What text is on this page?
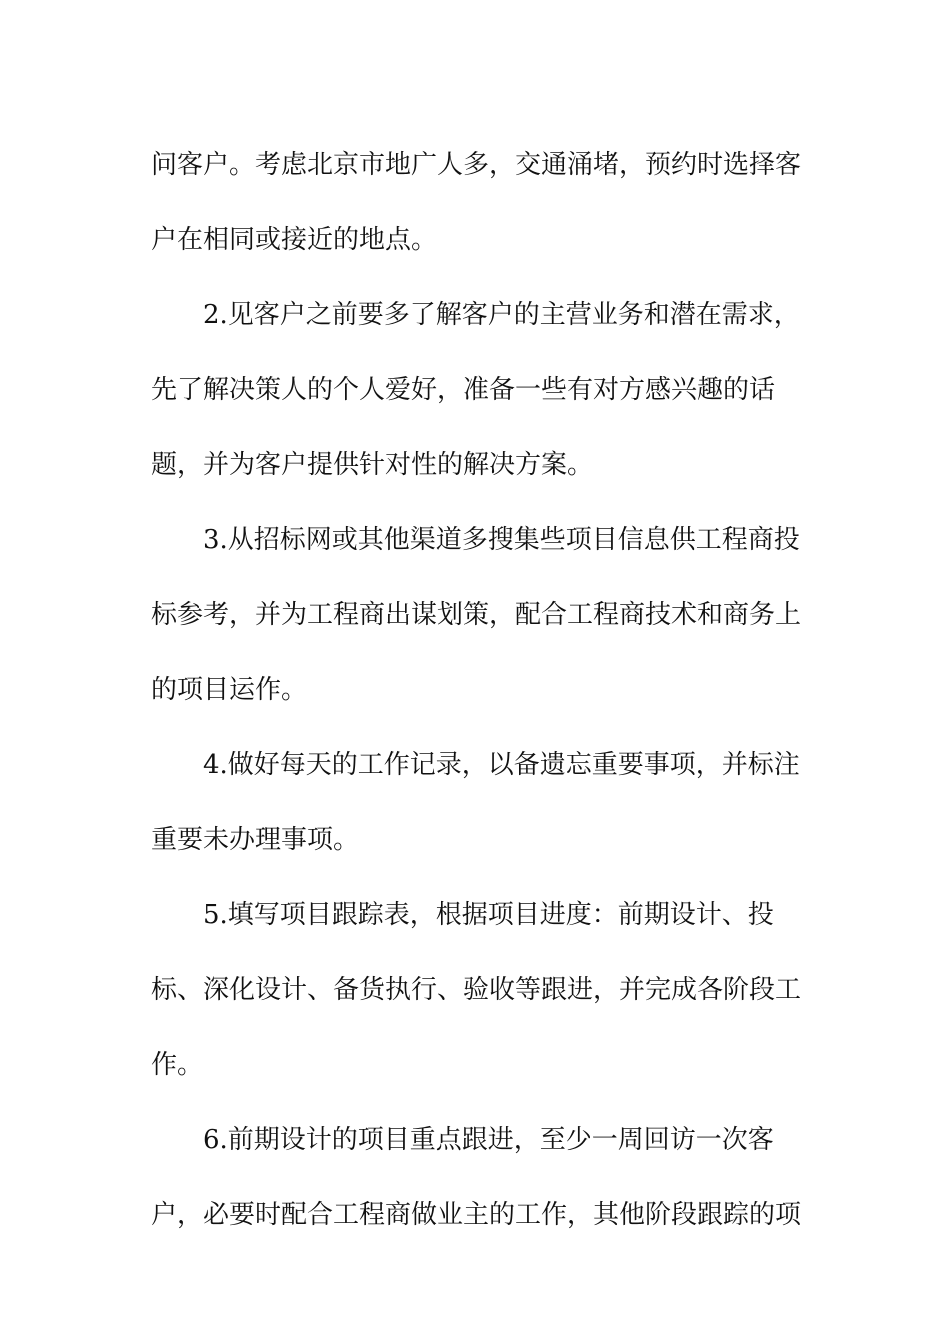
问客户。考虑北京市地广人多，交通涌堵，预约时选择客
户在相同或接近的地点。
2.见客户之前要多了解客户的主营业务和潜在需求，
先了解决策人的个人爱好，准备一些有对方感兴趣的话
题，并为客户提供针对性的解决方案。
3.从招标网或其他渠道多搜集些项目信息供工程商投
标参考，并为工程商出谋划策，配合工程商技术和商务上
的项目运作。
4.做好每天的工作记录，以备遗忘重要事项，并标注
重要未办理事项。
5.填写项目跟踪表，根据项目进度：前期设计、投
标、深化设计、备货执行、验收等跟进，并完成各阶段工
作。
6.前期设计的项目重点跟进，至少一周回访一次客
户，必要时配合工程商做业主的工作，其他阶段跟踪的项
